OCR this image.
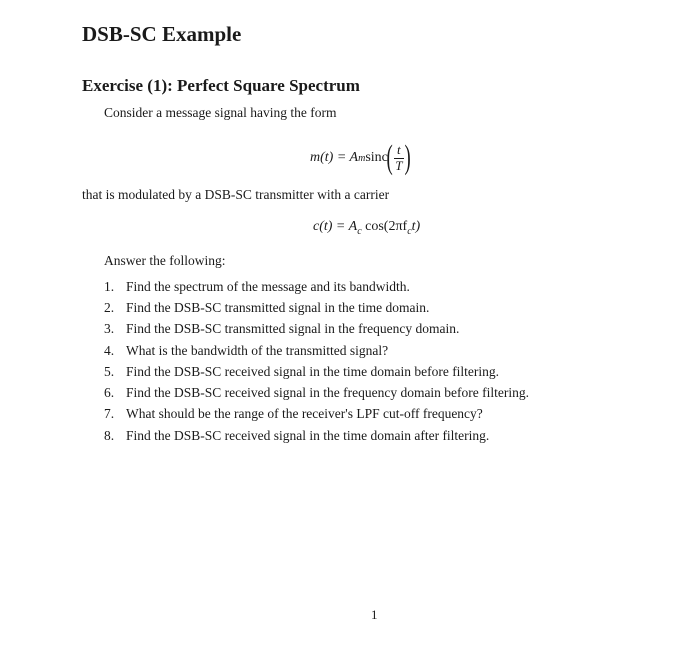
DSB-SC Example
Exercise (1): Perfect Square Spectrum
Consider a message signal having the form
m(t) = A m sinc
( $\frac{t}{T}$ )
that is modulated by a DSB-SC transmitter with a carrier
$c(t) = A_c$ $\cos(2\pi f_ct)$
Answer the following:
1. Find the spectrum of the message and its bandwidth.
2. Find the DSB-SC transmitted signal in the time domain.
3. Find the DSB-SC transmitted signal in the frequency domain.
4. What is the bandwidth of the transmitted signal?
5. Find the DSB-SC received signal in the time domain before filtering.
6. Find the DSB-SC received signal in the frequency domain before filtering.
7. What should be the range of the receiver's LPF cut-off frequency?
8. Find the DSB-SC received signal in the time domain after filtering.
1
